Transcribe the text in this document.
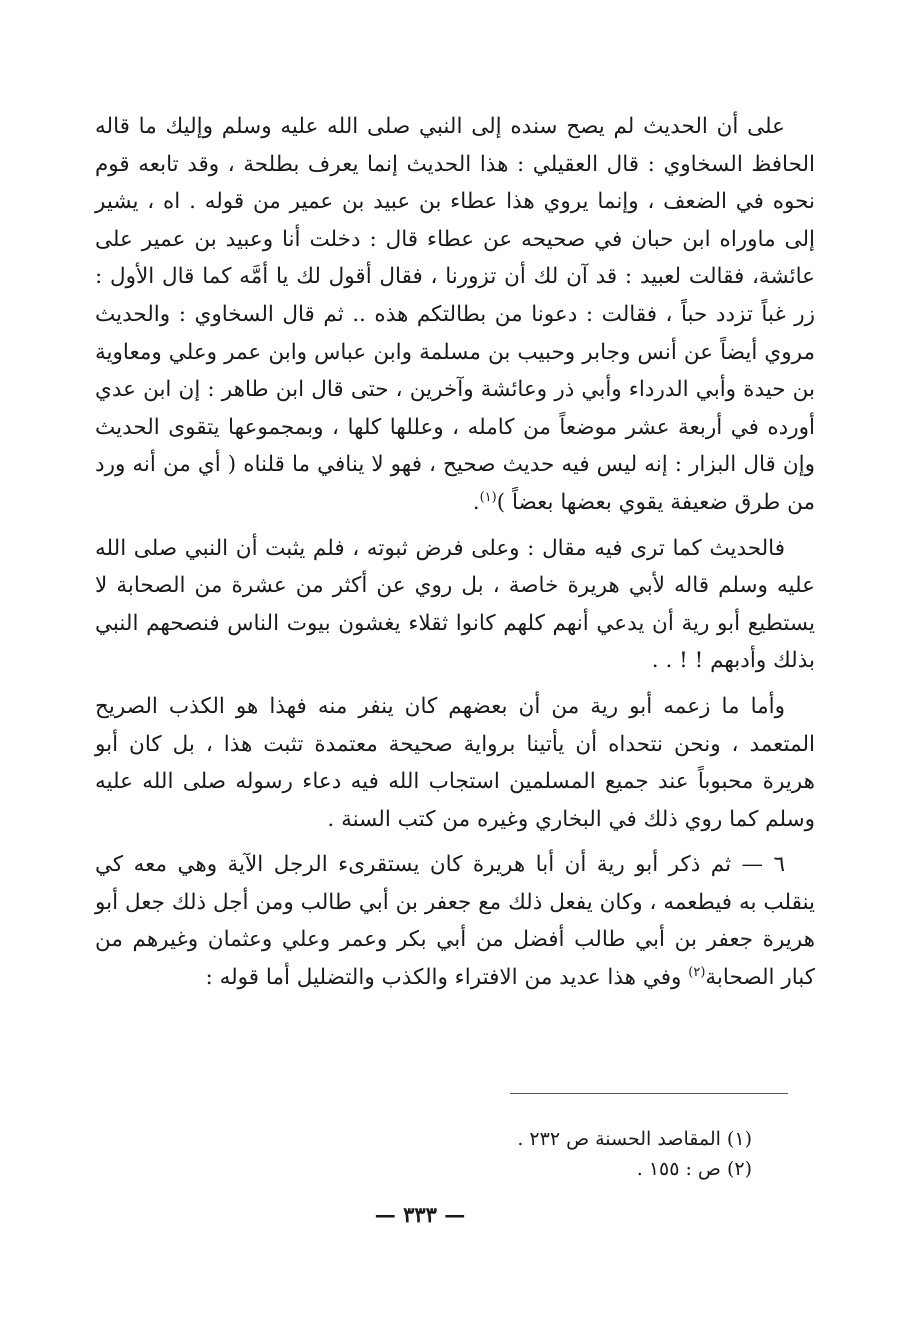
على أن الحديث لم يصح سنده إلى النبي صلى الله عليه وسلم وإليك ما قاله الحافظ السخاوي : قال العقيلي : هذا الحديث إنما يعرف بطلحة ، وقد تابعه قوم نحوه في الضعف ، وإنما يروي هذا عطاء بن عبيد بن عمير من قوله . اه ، يشير إلى ماوراه ابن حبان في صحيحه عن عطاء قال : دخلت أنا وعبيد بن عمير على عائشة، فقالت لعبيد : قد آن لك أن تزورنا ، فقال أقول لك يا أمَّه كما قال الأول : زر غباً تزدد حباً ، فقالت : دعونا من بطالتكم هذه .. ثم قال السخاوي : والحديث مروي أيضاً عن أنس وجابر وحبيب بن مسلمة وابن عباس وابن عمر وعلي ومعاوية بن حيدة وأبي الدرداء وأبي ذر وعائشة وآخرين ، حتى قال ابن طاهر : إن ابن عدي أورده في أربعة عشر موضعاً من كامله ، وعللها كلها ، وبمجموعها يتقوى الحديث وإن قال البزار : إنه ليس فيه حديث صحيح ، فهو لا ينافي ما قلناه ( أي من أنه ورد من طرق ضعيفة يقوي بعضها بعضاً )$^{(١)}$.

فالحديث كما ترى فيه مقال : وعلى فرض ثبوته ، فلم يثبت أن النبي صلى الله عليه وسلم قاله لأبي هريرة خاصة ، بل روي عن أكثر من عشرة من الصحابة لا يستطيع أبو رية أن يدعي أنهم كلهم كانوا ثقلاء يغشون بيوت الناس فنصحهم النبي بذلك وأدبهم ! ! . .

وأما ما زعمه أبو رية من أن بعضهم كان ينفر منه فهذا هو الكذب الصريح المتعمد ، ونحن نتحداه أن يأتينا برواية صحيحة معتمدة تثبت هذا ، بل كان أبو هريرة محبوباً عند جميع المسلمين استجاب الله فيه دعاء رسوله صلى الله عليه وسلم كما روي ذلك في البخاري وغيره من كتب السنة .

٦ — ثم ذكر أبو رية أن أبا هريرة كان يستقرىء الرجل الآية وهي معه كي ينقلب به فيطعمه ، وكان يفعل ذلك مع جعفر بن أبي طالب ومن أجل ذلك جعل أبو هريرة جعفر بن أبي طالب أفضل من أبي بكر وعمر وعلي وعثمان وغيرهم من كبار الصحابة$^{(٢)}$ وفي هذا عديد من الافتراء والكذب والتضليل أما قوله :

(١) المقاصد الحسنة ص ٢٣٢ .

(٢) ص : ١٥٥ .

— ٣٣٣ —
